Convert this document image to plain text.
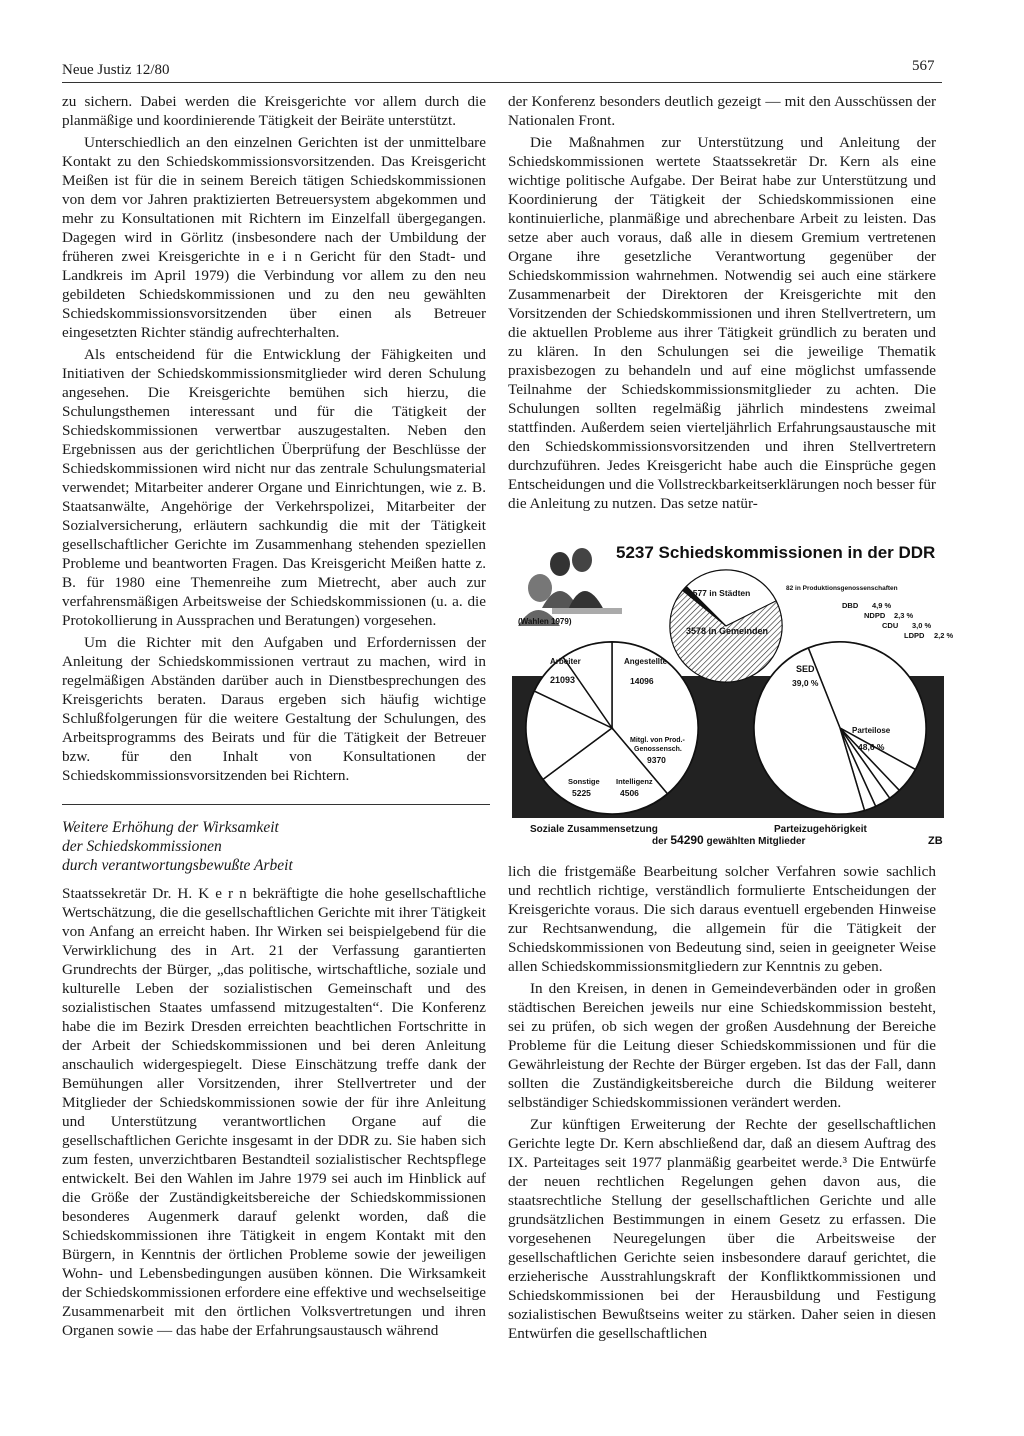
Neue Justiz 12/80	567

zu sichern. Dabei werden die Kreisgerichte vor allem durch die planmäßige und koordinierende Tätigkeit der Beiräte unterstützt.

Unterschiedlich an den einzelnen Gerichten ist der unmittelbare Kontakt zu den Schiedskommissionsvorsitzenden. Das Kreisgericht Meißen ist für die in seinem Bereich tätigen Schiedskommissionen von dem vor Jahren praktizierten Betreuersystem abgekommen und mehr zu Konsultationen mit Richtern im Einzelfall übergegangen. Dagegen wird in Görlitz (insbesondere nach der Umbildung der früheren zwei Kreisgerichte in e i n Gericht für den Stadt- und Landkreis im April 1979) die Verbindung vor allem zu den neu gebildeten Schiedskommissionen und zu den neu gewählten Schiedskommissionsvorsitzenden über einen als Betreuer eingesetzten Richter ständig aufrechterhalten.

Als entscheidend für die Entwicklung der Fähigkeiten und Initiativen der Schiedskommissionsmitglieder wird deren Schulung angesehen. Die Kreisgerichte bemühen sich hierzu, die Schulungsthemen interessant und für die Tätigkeit der Schiedskommissionen verwertbar auszugestalten. Neben den Ergebnissen aus der gerichtlichen Überprüfung der Beschlüsse der Schiedskommissionen wird nicht nur das zentrale Schulungsmaterial verwendet; Mitarbeiter anderer Organe und Einrichtungen, wie z. B. Staatsanwälte, Angehörige der Verkehrspolizei, Mitarbeiter der Sozialversicherung, erläutern sachkundig die mit der Tätigkeit gesellschaftlicher Gerichte im Zusammenhang stehenden speziellen Probleme und beantworten Fragen. Das Kreisgericht Meißen hatte z. B. für 1980 eine Themenreihe zum Mietrecht, aber auch zur verfahrensmäßigen Arbeitsweise der Schiedskommissionen (u. a. die Protokollierung in Aussprachen und Beratungen) vorgesehen.

Um die Richter mit den Aufgaben und Erfordernissen der Anleitung der Schiedskommissionen vertraut zu machen, wird in regelmäßigen Abständen darüber auch in Dienstbesprechungen des Kreisgerichts beraten. Daraus ergeben sich häufig wichtige Schlußfolgerungen für die weitere Gestaltung der Schulungen, des Arbeitsprogramms des Beirats und für die Tätigkeit der Betreuer bzw. für den Inhalt von Konsultationen der Schiedskommissionsvorsitzenden bei Richtern.

Weitere Erhöhung der Wirksamkeit
der Schiedskommissionen
durch verantwortungsbewußte Arbeit

Staatssekretär Dr. H. K e r n bekräftigte die hohe gesellschaftliche Wertschätzung, die die gesellschaftlichen Gerichte mit ihrer Tätigkeit von Anfang an erreicht haben. Ihr Wirken sei beispielgebend für die Verwirklichung des in Art. 21 der Verfassung garantierten Grundrechts der Bürger, „das politische, wirtschaftliche, soziale und kulturelle Leben der sozialistischen Gemeinschaft und des sozialistischen Staates umfassend mitzugestalten“. Die Konferenz habe die im Bezirk Dresden erreichten beachtlichen Fortschritte in der Arbeit der Schiedskommissionen und bei deren Anleitung anschaulich widergespiegelt. Diese Einschätzung treffe dank der Bemühungen aller Vorsitzenden, ihrer Stellvertreter und der Mitglieder der Schiedskommissionen sowie der für ihre Anleitung und Unterstützung verantwortlichen Organe auf die gesellschaftlichen Gerichte insgesamt in der DDR zu. Sie haben sich zum festen, unverzichtbaren Bestandteil sozialistischer Rechtspflege entwickelt. Bei den Wahlen im Jahre 1979 sei auch im Hinblick auf die Größe der Zuständigkeitsbereiche der Schiedskommissionen besonderes Augenmerk darauf gelenkt worden, daß die Schiedskommissionen ihre Tätigkeit in engem Kontakt mit den Bürgern, in Kenntnis der örtlichen Probleme sowie der jeweiligen Wohn- und Lebensbedingungen ausüben können. Die Wirksamkeit der Schiedskommissionen erfordere eine effektive und wechselseitige Zusammenarbeit mit den örtlichen Volksvertretungen und ihren Organen sowie — das habe der Erfahrungsaustausch während

der Konferenz besonders deutlich gezeigt — mit den Ausschüssen der Nationalen Front.

Die Maßnahmen zur Unterstützung und Anleitung der Schiedskommissionen wertete Staatssekretär Dr. Kern als eine wichtige politische Aufgabe. Der Beirat habe zur Unterstützung und Koordinierung der Tätigkeit der Schiedskommissionen eine kontinuierliche, planmäßige und abrechenbare Arbeit zu leisten. Das setze aber auch voraus, daß alle in diesem Gremium vertretenen Organe ihre gesetzliche Verantwortung gegenüber der Schiedskommission wahrnehmen. Notwendig sei auch eine stärkere Zusammenarbeit der Direktoren der Kreisgerichte mit den Vorsitzenden der Schiedskommissionen und ihren Stellvertretern, um die aktuellen Probleme aus ihrer Tätigkeit gründlich zu beraten und zu klären. In den Schulungen sei die jeweilige Thematik praxisbezogen zu behandeln und auf eine möglichst umfassende Teilnahme der Schiedskommissionsmitglieder zu achten. Die Schulungen sollten regelmäßig jährlich mindestens zweimal stattfinden. Außerdem seien vierteljährlich Erfahrungsaustausche mit den Schiedskommissionsvorsitzenden und ihren Stellvertretern durchzuführen. Jedes Kreisgericht habe auch die Einsprüche gegen Entscheidungen und die Vollstreckbarkeitserklärungen noch besser für die Anleitung zu nutzen. Das setze natür-

lich die fristgemäße Bearbeitung solcher Verfahren sowie sachlich und rechtlich richtige, verständlich formulierte Entscheidungen der Kreisgerichte voraus. Die sich daraus eventuell ergebenden Hinweise zur Rechtsanwendung, die allgemein für die Tätigkeit der Schiedskommissionen von Bedeutung sind, seien in geeigneter Weise allen Schiedskommissionsmitgliedern zur Kenntnis zu geben.

In den Kreisen, in denen in Gemeindeverbänden oder in großen städtischen Bereichen jeweils nur eine Schiedskommission besteht, sei zu prüfen, ob sich wegen der großen Ausdehnung der Bereiche Probleme für die Leitung dieser Schiedskommissionen und für die Gewährleistung der Rechte der Bürger ergeben. Ist das der Fall, dann sollten die Zuständigkeitsbereiche durch die Bildung weiterer selbständiger Schiedskommissionen verändert werden.

Zur künftigen Erweiterung der Rechte der gesellschaftlichen Gerichte legte Dr. Kern abschließend dar, daß an diesem Auftrag des IX. Parteitages seit 1977 planmäßig gearbeitet werde.³ Die Entwürfe der neuen rechtlichen Regelungen gehen davon aus, die staatsrechtliche Stellung der gesellschaftlichen Gerichte und alle grundsätzlichen Bestimmungen in einem Gesetz zu erfassen. Die vorgesehenen Neuregelungen über die Arbeitsweise der gesellschaftlichen Gerichte seien insbesondere darauf gerichtet, die erzieherische Ausstrahlungskraft der Konfliktkommissionen und Schiedskommissionen bei der Herausbildung und Festigung sozialistischen Bewußtseins weiter zu stärken. Daher seien in diesen Entwürfen die gesellschaftlichen

(Wahlen 1979)
5237 Schiedskommissionen in der DDR
1577 in Städten
3578 in Gemeinden
82 in Produktionsgenossenschaften
Arbeiter
21093
Angestellte
14096
Mitgl. von Prod.-
Genossensch.
9370
Intelligenz
4506
Sonstige
5225
SED
39,0 %
Parteilose
48,6 %
DBD 4,9 %
NDPD 2,3 %
CDU 3,0 %
LDPD 2,2 %
Soziale Zusammensetzung	Parteizugehörigkeit
der 54290 gewählten Mitglieder	ZB
